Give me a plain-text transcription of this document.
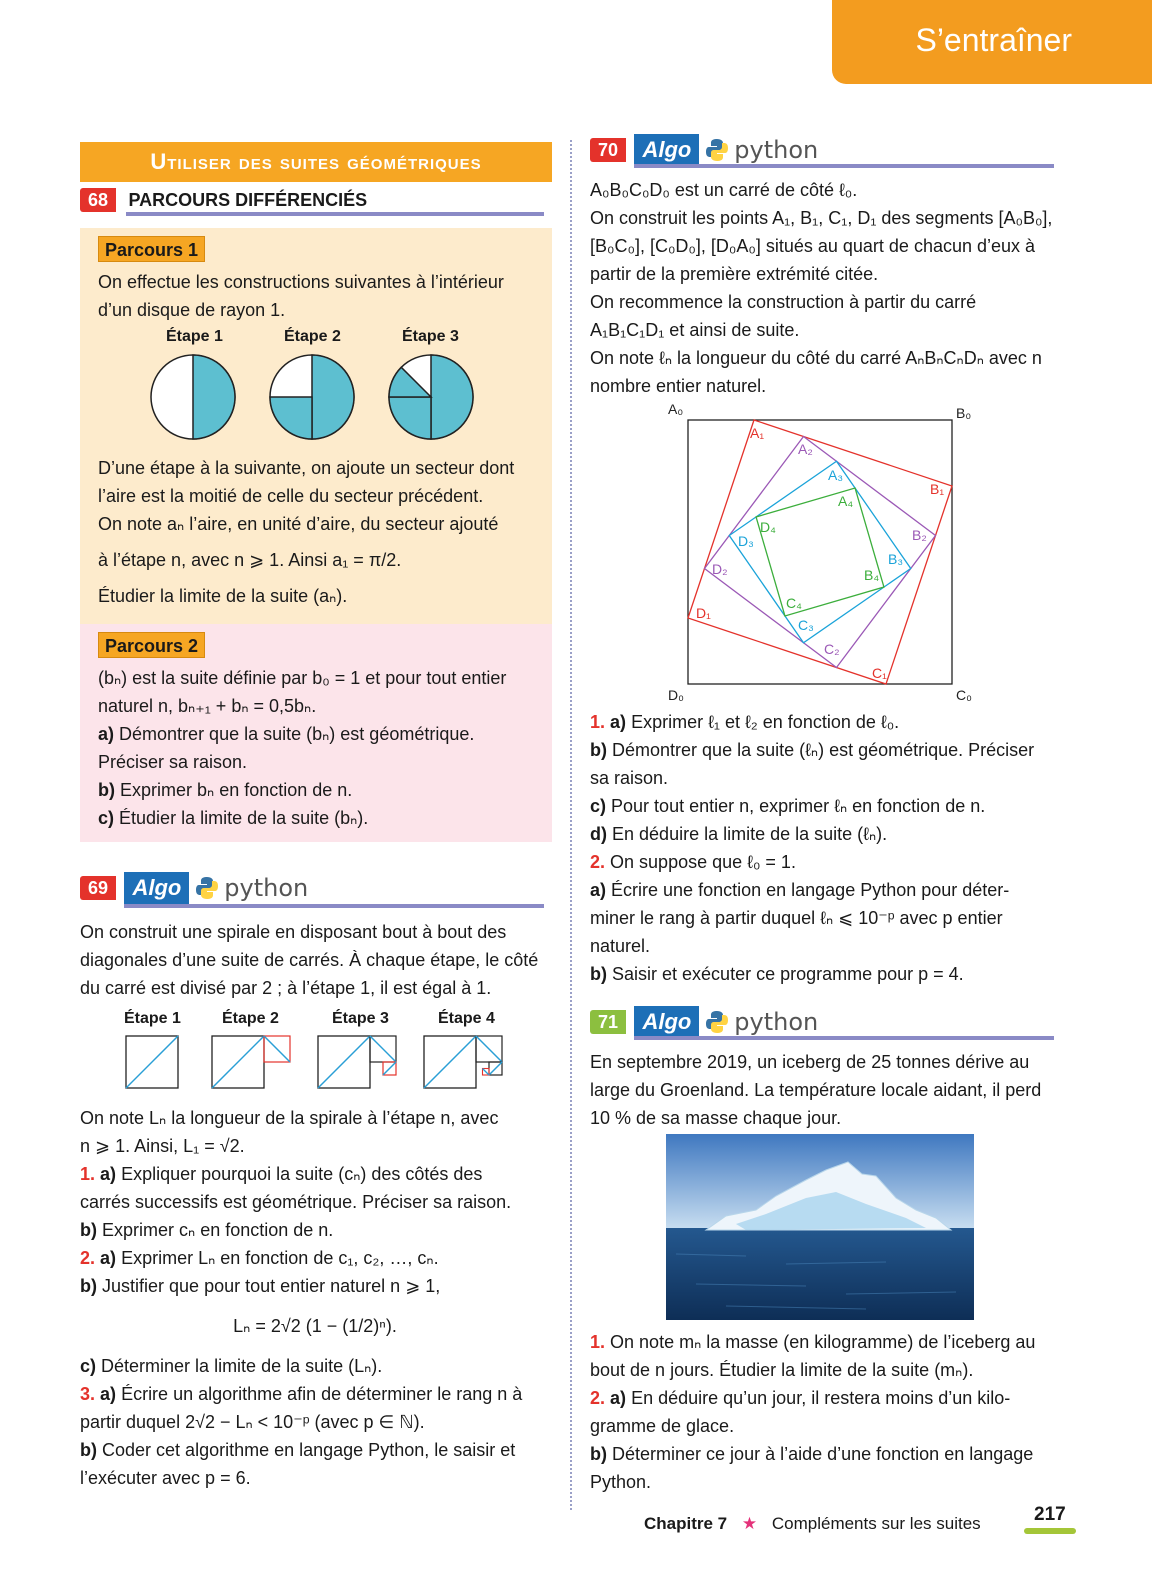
S’entraîner
Utiliser des suites géométriques
68 PARCOURS DIFFÉRENCIÉS
Parcours 1
On effectue les constructions suivantes à l’intérieur
d’un disque de rayon 1.
Étape 1	Étape 2	Étape 3
D’une étape à la suivante, on ajoute un secteur dont
l’aire est la moitié de celle du secteur précédent.
On note aₙ l’aire, en unité d’aire, du secteur ajouté
à l’étape n, avec n ⩾ 1. Ainsi a₁ = π/2.
Étudier la limite de la suite (aₙ).
Parcours 2
(bₙ) est la suite définie par b₀ = 1 et pour tout entier
naturel n, bₙ₊₁ + bₙ = 0,5bₙ.
a) Démontrer que la suite (bₙ) est géométrique.
Préciser sa raison.
b) Exprimer bₙ en fonction de n.
c) Étudier la limite de la suite (bₙ).
69 Algo python
On construit une spirale en disposant bout à bout des
diagonales d’une suite de carrés. À chaque étape, le côté
du carré est divisé par 2 ; à l’étape 1, il est égal à 1.
Étape 1	Étape 2	Étape 3	Étape 4
On note Lₙ la longueur de la spirale à l’étape n, avec
n ⩾ 1. Ainsi, L₁ = √2.
1. a) Expliquer pourquoi la suite (cₙ) des côtés des
carrés successifs est géométrique. Préciser sa raison.
b) Exprimer cₙ en fonction de n.
2. a) Exprimer Lₙ en fonction de c₁, c₂, …, cₙ.
b) Justifier que pour tout entier naturel n ⩾ 1,
Lₙ = 2√2 (1 − (1/2)ⁿ).
c) Déterminer la limite de la suite (Lₙ).
3. a) Écrire un algorithme afin de déterminer le rang n à
partir duquel 2√2 − Lₙ < 10⁻ᵖ (avec p ∈ ℕ).
b) Coder cet algorithme en langage Python, le saisir et
l’exécuter avec p = 6.
70 Algo python
A₀B₀C₀D₀ est un carré de côté ℓ₀.
On construit les points A₁, B₁, C₁, D₁ des segments [A₀B₀],
[B₀C₀], [C₀D₀], [D₀A₀] situés au quart de chacun d’eux à
partir de la première extrémité citée.
On recommence la construction à partir du carré
A₁B₁C₁D₁ et ainsi de suite.
On note ℓₙ la longueur du côté du carré AₙBₙCₙDₙ avec n
nombre entier naturel.
A₀	B₀
C₀
D₀
A₁
B₁
C₁
D₁
A₂
B₂
C₂
D₂
A₃
B₃
C₃
D₃
A₄
B₄
C₄
D₄
1. a) Exprimer ℓ₁ et ℓ₂ en fonction de ℓ₀.
b) Démontrer que la suite (ℓₙ) est géométrique. Préciser
sa raison.
c) Pour tout entier n, exprimer ℓₙ en fonction de n.
d) En déduire la limite de la suite (ℓₙ).
2. On suppose que ℓ₀ = 1.
a) Écrire une fonction en langage Python pour déter-
miner le rang à partir duquel ℓₙ ⩽ 10⁻ᵖ avec p entier
naturel.
b) Saisir et exécuter ce programme pour p = 4.
71 Algo python
En septembre 2019, un iceberg de 25 tonnes dérive au
large du Groenland. La température locale aidant, il perd
10 % de sa masse chaque jour.
1. On note mₙ la masse (en kilogramme) de l’iceberg au
bout de n jours. Étudier la limite de la suite (mₙ).
2. a) En déduire qu’un jour, il restera moins d’un kilo-
gramme de glace.
b) Déterminer ce jour à l’aide d’une fonction en langage
Python.
Chapitre 7 ★ Compléments sur les suites	217
